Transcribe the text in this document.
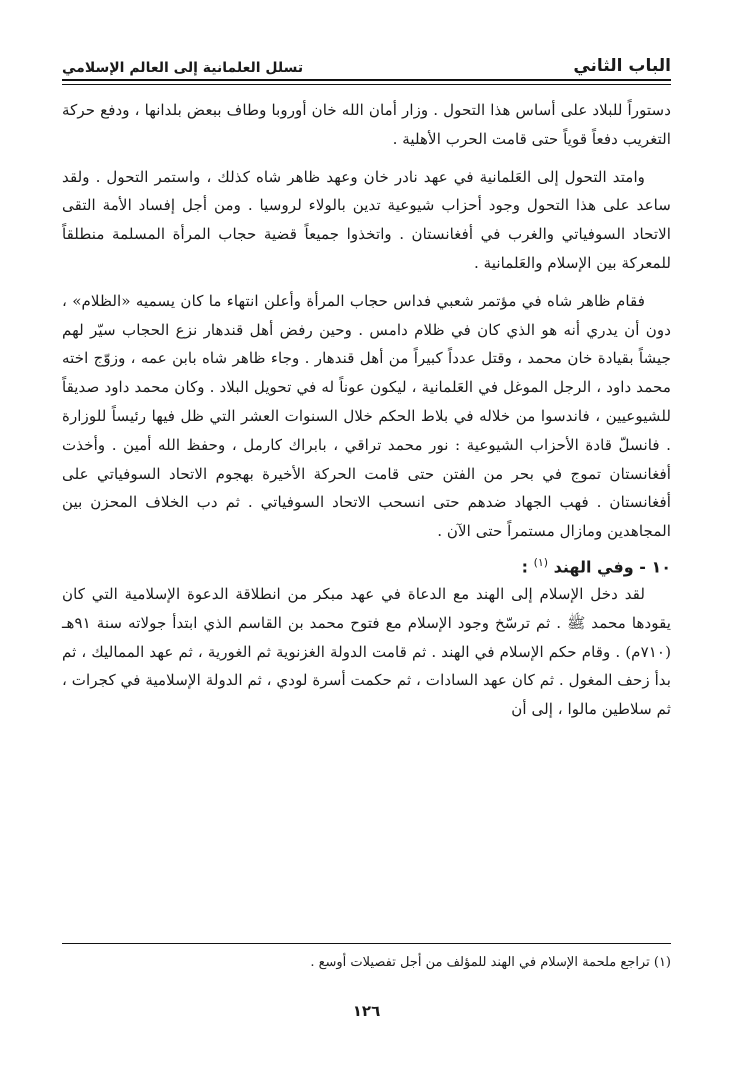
الباب الثاني
تسلل العلمانية إلى العالم الإسلامي

دستوراً للبلاد على أساس هذا التحول . وزار أمان الله خان أوروبا وطاف ببعض بلدانها ، ودفع حركة التغريب دفعاً قوياً حتى قامت الحرب الأهلية .

وامتد التحول إلى العَلمانية في عهد نادر خان وعهد ظاهر شاه كذلك ، واستمر التحول . ولقد ساعد على هذا التحول وجود أحزاب شيوعية تدين بالولاء لروسيا . ومن أجل إفساد الأمة التقى الاتحاد السوفياتي والغرب في أفغانستان . واتخذوا جميعاً قضية حجاب المرأة المسلمة منطلقاً للمعركة بين الإسلام والعَلمانية .

فقام ظاهر شاه في مؤتمر شعبي فداس حجاب المرأة وأعلن انتهاء ما كان يسميه «الظلام» ، دون أن يدري أنه هو الذي كان في ظلام دامس . وحين رفض أهل قندهار نزع الحجاب سيّر لهم جيشاً بقيادة خان محمد ، وقتل عدداً كبيراً من أهل قندهار . وجاء ظاهر شاه بابن عمه ، وزوّج اخته محمد داود ، الرجل الموغل في العَلمانية ، ليكون عوناً له في تحويل البلاد . وكان محمد داود صديقاً للشيوعيين ، فاندسوا من خلاله في بلاط الحكم خلال السنوات العشر التي ظل فيها رئيساً للوزارة . فانسلّ قادة الأحزاب الشيوعية : نور محمد تراقي ، بابراك كارمل ، وحفظ الله أمين . وأخذت أفغانستان تموج في بحر من الفتن حتى قامت الحركة الأخيرة بهجوم الاتحاد السوفياتي على أفغانستان . فهب الجهاد ضدهم حتى انسحب الاتحاد السوفياتي . ثم دب الخلاف المحزن بين المجاهدين ومازال مستمراً حتى الآن .

١٠ - وفي الهند $^{(١)}$ :

لقد دخل الإسلام إلى الهند مع الدعاة في عهد مبكر من انطلاقة الدعوة الإسلامية التي كان يقودها محمد ﷺ . ثم ترسّخ وجود الإسلام مع فتوح محمد بن القاسم الذي ابتدأ جولاته سنة ٩١هـ (٧١٠م) . وقام حكم الإسلام في الهند . ثم قامت الدولة الغزنوية ثم الغورية ، ثم عهد المماليك ، ثم بدأ زحف المغول . ثم كان عهد السادات ، ثم حكمت أسرة لودي ، ثم الدولة الإسلامية في كجرات ، ثم سلاطين مالوا ، إلى أن

(١) تراجع ملحمة الإسلام في الهند للمؤلف من أجل تفصيلات أوسع .
١٢٦
